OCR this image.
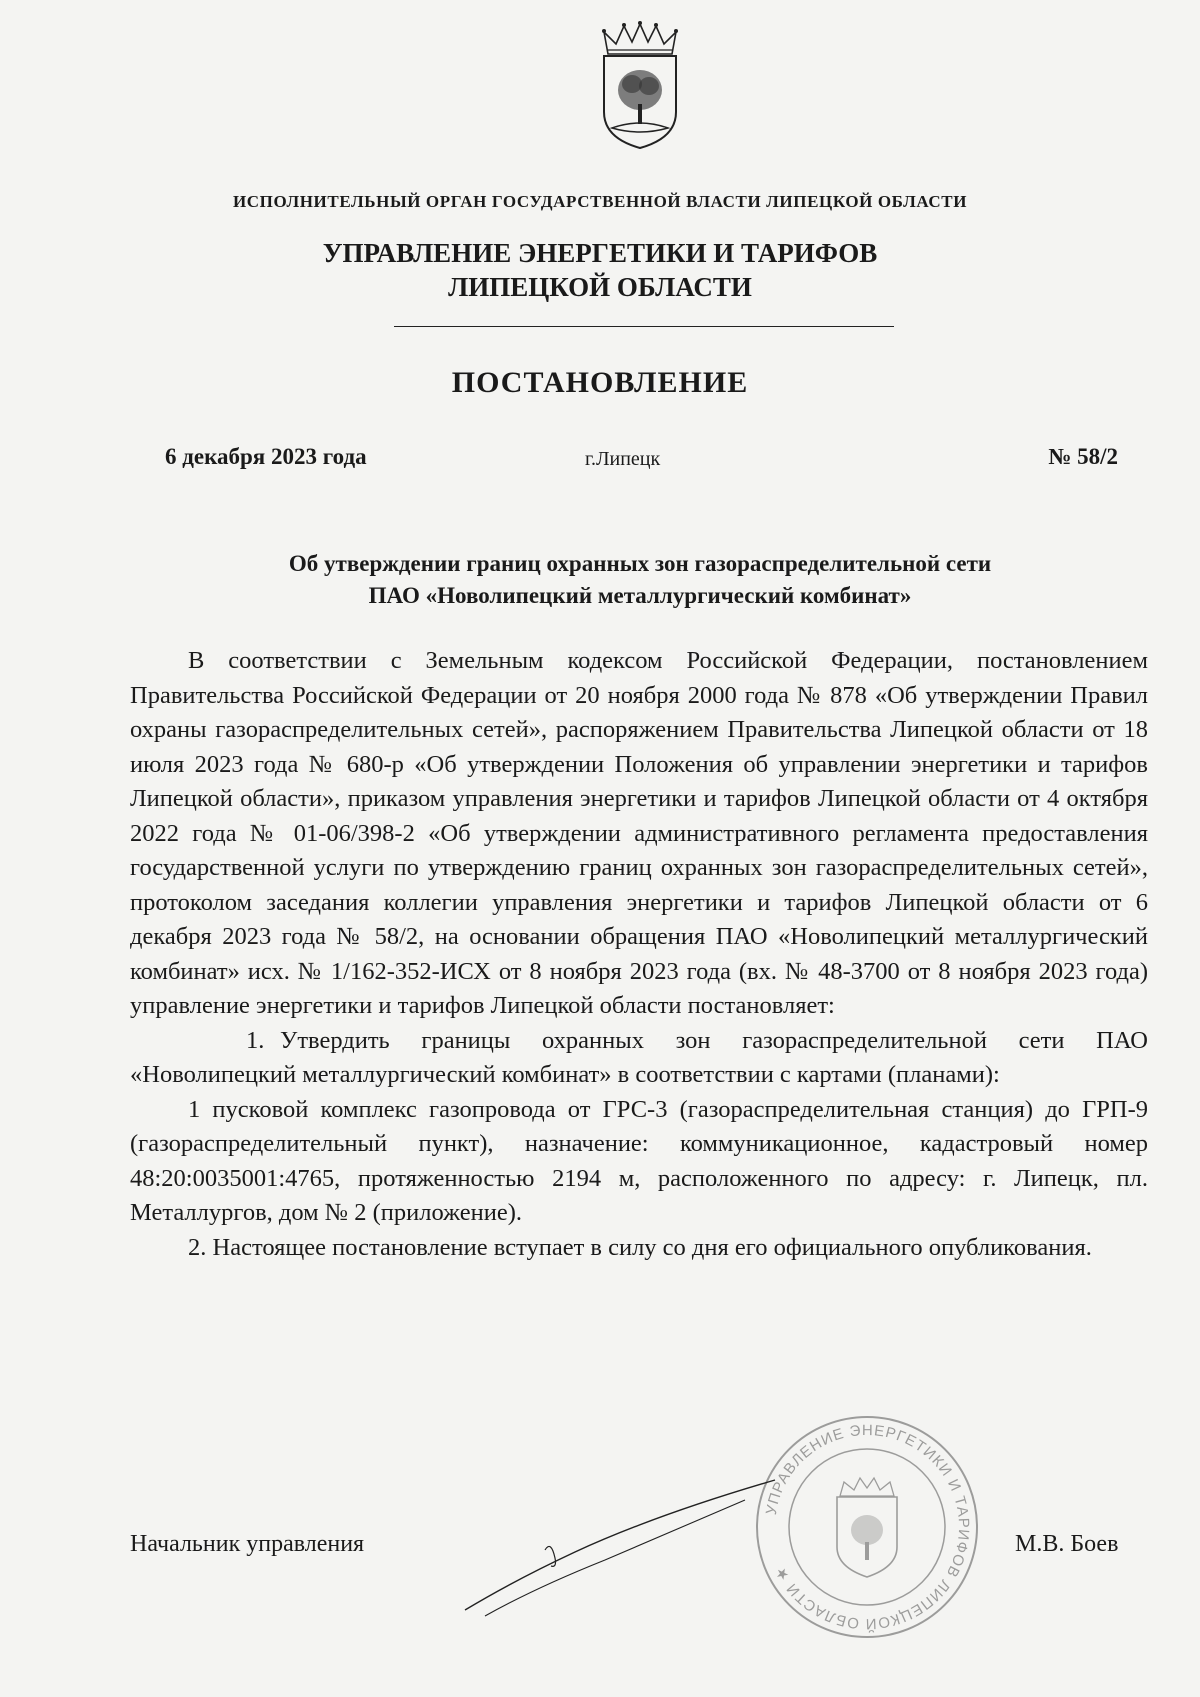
ИСПОЛНИТЕЛЬНЫЙ ОРГАН ГОСУДАРСТВЕННОЙ ВЛАСТИ ЛИПЕЦКОЙ ОБЛАСТИ
УПРАВЛЕНИЕ ЭНЕРГЕТИКИ И ТАРИФОВ
ЛИПЕЦКОЙ ОБЛАСТИ
ПОСТАНОВЛЕНИЕ
6 декабря 2023 года	г.Липецк	№ 58/2
Об утверждении границ охранных зон газораспределительной сети
ПАО «Новолипецкий металлургический комбинат»

В соответствии с Земельным кодексом Российской Федерации, постановлением Правительства Российской Федерации от 20 ноября 2000 года № 878 «Об утверждении Правил охраны газораспределительных сетей», распоряжением Правительства Липецкой области от 18 июля 2023 года № 680-р «Об утверждении Положения об управлении энергетики и тарифов Липецкой области», приказом управления энергетики и тарифов Липецкой области от 4 октября 2022 года № 01-06/398-2 «Об утверждении административного регламента предоставления государственной услуги по утверждению границ охранных зон газораспределительных сетей», протоколом заседания коллегии управления энергетики и тарифов Липецкой области от 6 декабря 2023 года № 58/2, на основании обращения ПАО «Новолипецкий металлургический комбинат» исх. № 1/162-352-ИСХ от 8 ноября 2023 года (вх. № 48-3700 от 8 ноября 2023 года) управление энергетики и тарифов Липецкой области постановляет:

1. Утвердить границы охранных зон газораспределительной сети ПАО «Новолипецкий металлургический комбинат» в соответствии с картами (планами):

1 пусковой комплекс газопровода от ГРС-3 (газораспределительная станция) до ГРП-9 (газораспределительный пункт), назначение: коммуникационное, кадастровый номер 48:20:0035001:4765, протяженностью 2194 м, расположенного по адресу: г. Липецк, пл. Металлургов, дом № 2 (приложение).

2. Настоящее постановление вступает в силу со дня его официального опубликования.

УПРАВЛЕНИЕ ЭНЕРГЕТИКИ И ТАРИФОВ ЛИПЕЦКОЙ ОБЛАСТИ ★
Начальник управления	М.В. Боев
